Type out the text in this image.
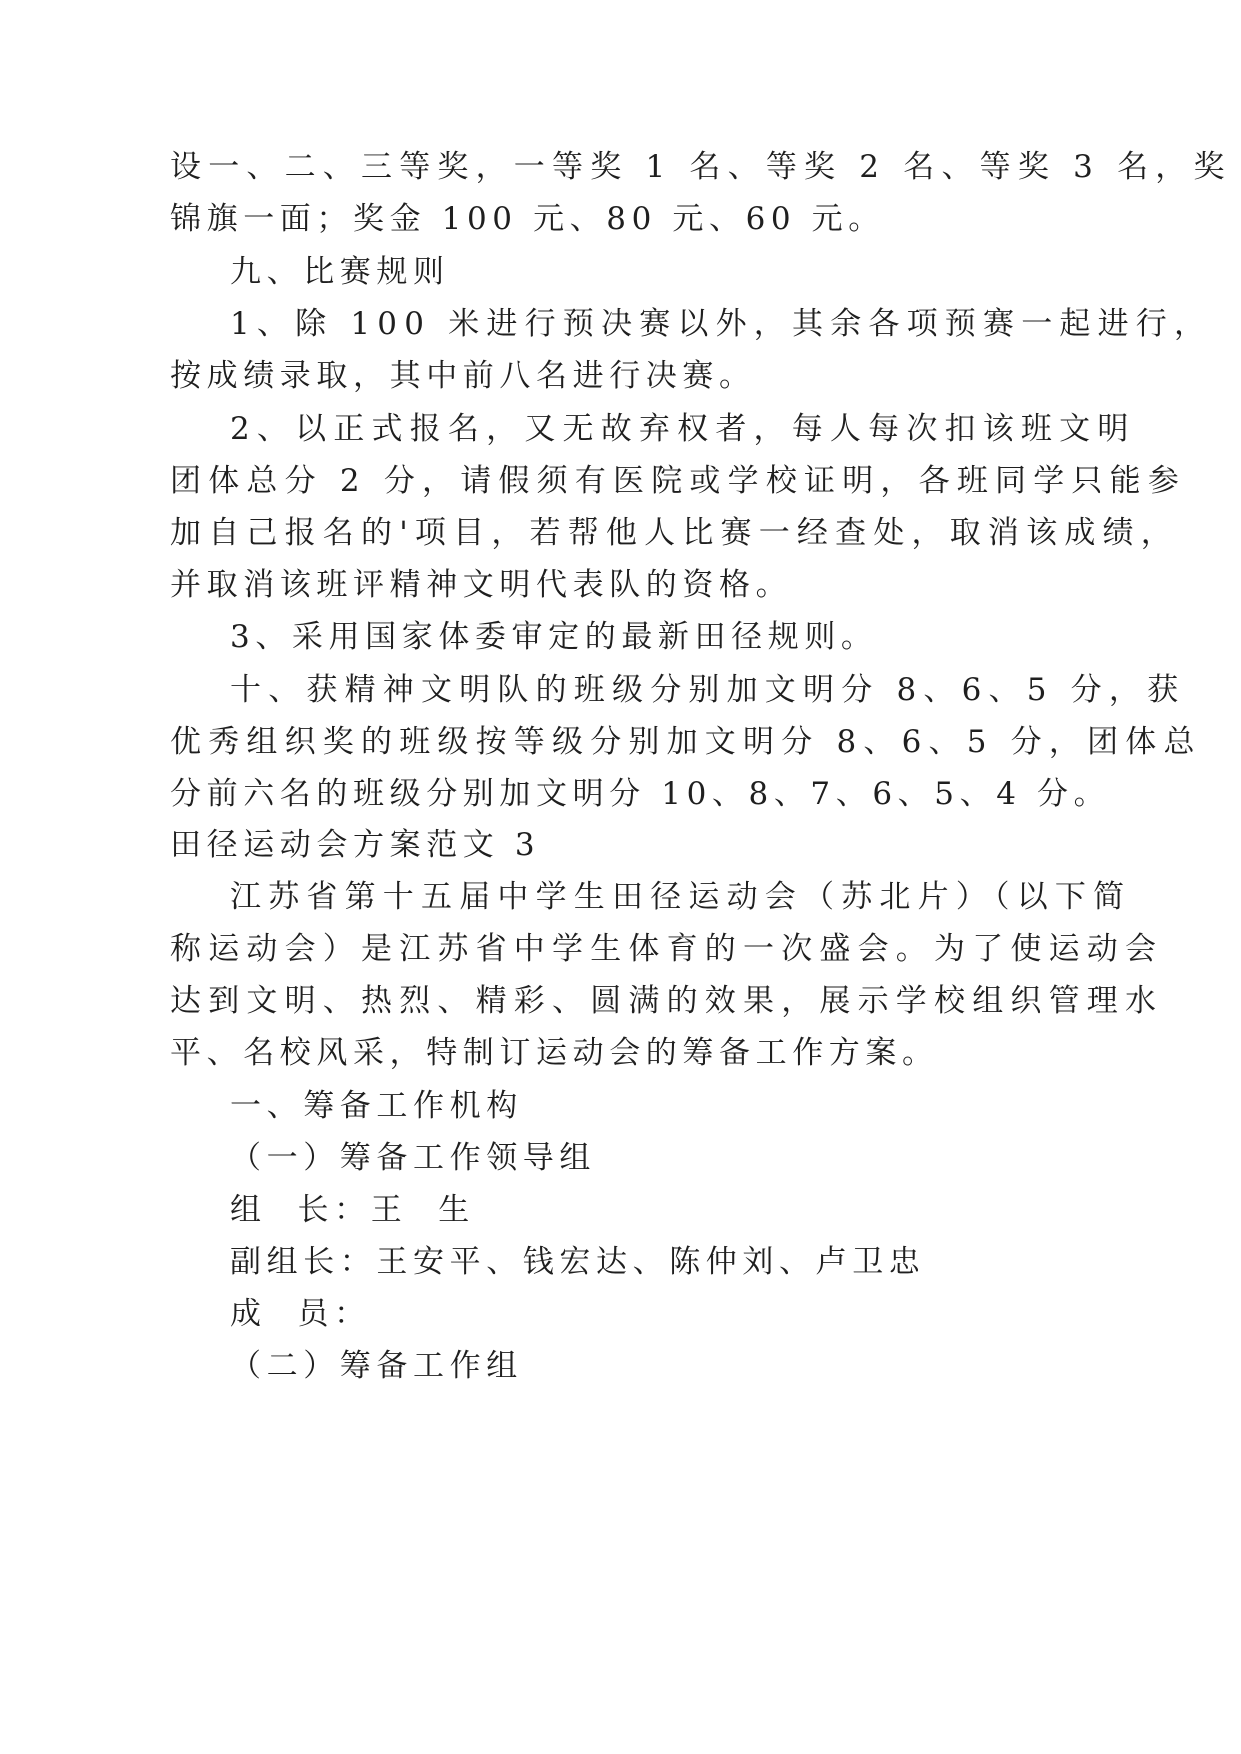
设一、二、三等奖，一等奖 1 名、等奖 2 名、等奖 3 名，奖
锦旗一面；奖金 100 元、80 元、60 元。
九、比赛规则
1、除 100 米进行预决赛以外，其余各项预赛一起进行，
按成绩录取，其中前八名进行决赛。
2、以正式报名，又无故弃权者，每人每次扣该班文明
团体总分 2 分，请假须有医院或学校证明，各班同学只能参
加自己报名的'项目，若帮他人比赛一经查处，取消该成绩，
并取消该班评精神文明代表队的资格。
3、采用国家体委审定的最新田径规则。
十、获精神文明队的班级分别加文明分 8、6、5 分，获
优秀组织奖的班级按等级分别加文明分 8、6、5 分，团体总
分前六名的班级分别加文明分 10、8、7、6、5、4 分。
田径运动会方案范文 3
江苏省第十五届中学生田径运动会（苏北片）（以下简
称运动会）是江苏省中学生体育的一次盛会。为了使运动会
达到文明、热烈、精彩、圆满的效果，展示学校组织管理水
平、名校风采，特制订运动会的筹备工作方案。
一、筹备工作机构
（一）筹备工作领导组
组  长：王  生
副组长：王安平、钱宏达、陈仲刘、卢卫忠
成  员：
（二）筹备工作组
